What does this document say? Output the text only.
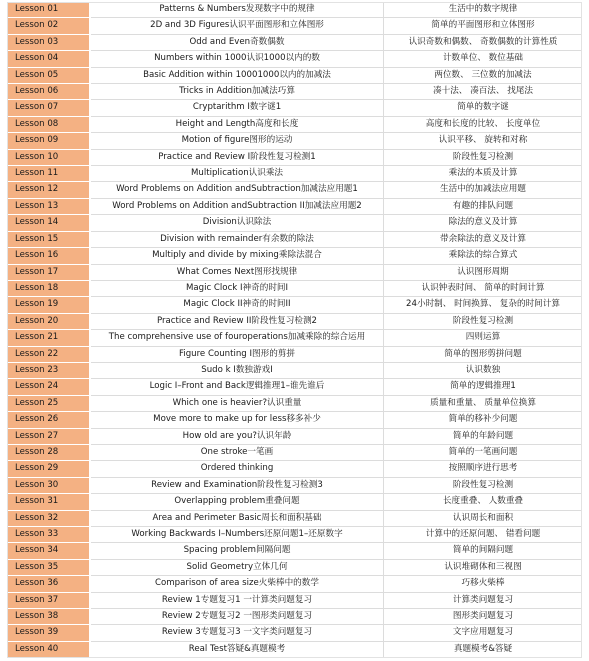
Lesson 01	Patterns & Numbers发现数字中的规律	生活中的数字规律
Lesson 02	2D and 3D Figures认识平面图形和立体图形	简单的平面图形和立体图形
Lesson 03	Odd and Even奇数偶数	认识奇数和偶数、 奇数偶数的计算性质
Lesson 04	Numbers within 1000认识1000以内的数	计数单位、 数位基础
Lesson 05	Basic Addition within 10001000以内的加减法	两位数、 三位数的加减法
Lesson 06	Tricks in Addition加减法巧算	凑十法、 凑百法、 找尾法
Lesson 07	Cryptarithm I数字谜1	简单的数字谜
Lesson 08	Height and Length高度和长度	高度和长度的比较、 长度单位
Lesson 09	Motion of figure图形的运动	认识平移、 旋转和对称
Lesson 10	Practice and Review I阶段性复习检测1	阶段性复习检测
Lesson 11	Multiplication认识乘法	乘法的本质及计算
Lesson 12	Word Problems on Addition andSubtraction加减法应用题1	生活中的加减法应用题
Lesson 13	Word Problems on Addition andSubtraction II加减法应用题2	有趣的排队问题
Lesson 14	Division认识除法	除法的意义及计算
Lesson 15	Division with remainder有余数的除法	带余除法的意义及计算
Lesson 16	Multiply and divide by mixing乘除法混合	乘除法的综合算式
Lesson 17	What Comes Next图形找规律	认识图形周期
Lesson 18	Magic Clock I神奇的时间I	认识钟表时间、 简单的时间计算
Lesson 19	Magic Clock II神奇的时间II	24小时制、 时间换算、 复杂的时间计算
Lesson 20	Practice and Review II阶段性复习检测2	阶段性复习检测
Lesson 21	The comprehensive use of fouroperations加减乘除的综合运用	四则运算
Lesson 22	Figure Counting I图形的剪拼	简单的图形剪拼问题
Lesson 23	Sudo k I数独游戏I	认识数独
Lesson 24	Logic I–Front and Back逻辑推理1–谁先谁后	简单的逻辑推理1
Lesson 25	Which one is heavier?认识重量	质量和重量、 质量单位换算
Lesson 26	Move more to make up for less移多补少	简单的移补少问题
Lesson 27	How old are you?认识年龄	简单的年龄问题
Lesson 28	One stroke一笔画	简单的一笔画问题
Lesson 29	Ordered thinking	按照顺序进行思考
Lesson 30	Review and Examination阶段性复习检测3	阶段性复习检测
Lesson 31	Overlapping problem重叠问题	长度重叠、 人数重叠
Lesson 32	Area and Perimeter Basic周长和面积基础	认识周长和面积
Lesson 33	Working Backwards I–Numbers还原问题1–还原数字	计算中的还原问题、 错看问题
Lesson 34	Spacing problem间隔问题	简单的间隔问题
Lesson 35	Solid Geometry立体几何	认识堆砌体和三视图
Lesson 36	Comparison of area size火柴棒中的数学	巧移火柴棒
Lesson 37	Review 1专题复习1 一计算类问题复习	计算类问题复习
Lesson 38	Review 2专题复习2 一图形类问题复习	图形类问题复习
Lesson 39	Review 3专题复习3 一文字类问题复习	文字应用题复习
Lesson 40	Real Test答疑&真题模考	真题模考&答疑
